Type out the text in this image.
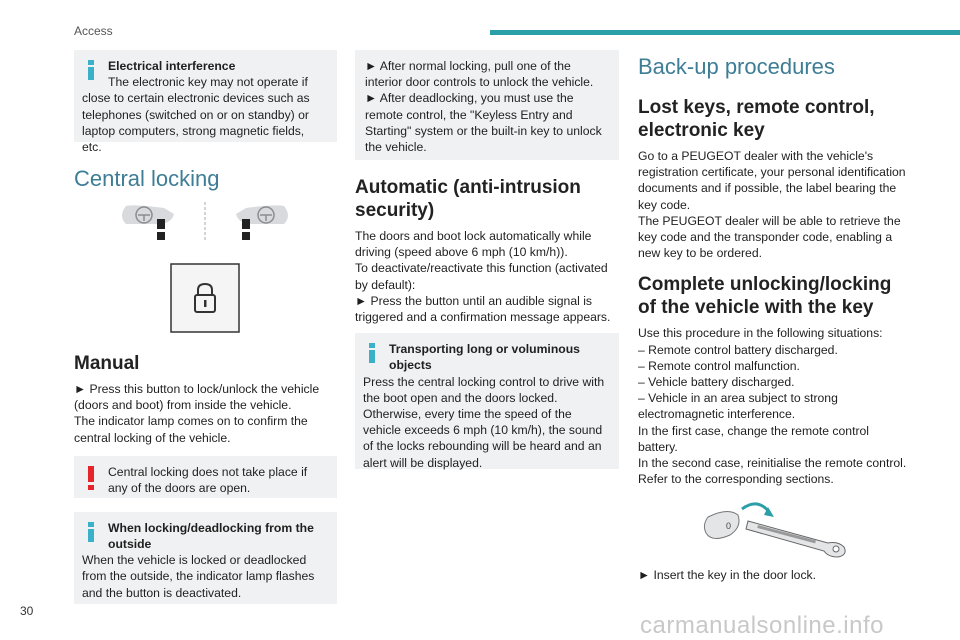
Access
Electrical interference
The electronic key may not operate if close to certain electronic devices such as telephones (switched on or on standby) or laptop computers, strong magnetic fields, etc.
Central locking
Manual

► Press this button to lock/unlock the vehicle (doors and boot) from inside the vehicle.

The indicator lamp comes on to confirm the central locking of the vehicle.

Central locking does not take place if any of the doors are open.
When locking/deadlocking from the outside
When the vehicle is locked or deadlocked from the outside, the indicator lamp flashes and the button is deactivated.

► After normal locking, pull one of the interior door controls to unlock the vehicle.

► After deadlocking, you must use the remote control, the "Keyless Entry and Starting" system or the built-in key to unlock the vehicle.

Automatic (anti-intrusion security)

The doors and boot lock automatically while driving (speed above 6 mph (10 km/h)).

To deactivate/reactivate this function (activated by default):

► Press the button until an audible signal is triggered and a confirmation message appears.

Transporting long or voluminous objects
Press the central locking control to drive with the boot open and the doors locked. Otherwise, every time the speed of the vehicle exceeds 6 mph (10 km/h), the sound of the locks rebounding will be heard and an alert will be displayed.
Back-up procedures
Lost keys, remote control, electronic key

Go to a PEUGEOT dealer with the vehicle's registration certificate, your personal identification documents and if possible, the label bearing the key code.

The PEUGEOT dealer will be able to retrieve the key code and the transponder code, enabling a new key to be ordered.

Complete unlocking/locking of the vehicle with the key

Use this procedure in the following situations:

– Remote control battery discharged.

– Remote control malfunction.

– Vehicle battery discharged.

– Vehicle in an area subject to strong electromagnetic interference.

In the first case, change the remote control battery.

In the second case, reinitialise the remote control.

Refer to the corresponding sections.

0

► Insert the key in the door lock.

30
carmanualsonline.info
